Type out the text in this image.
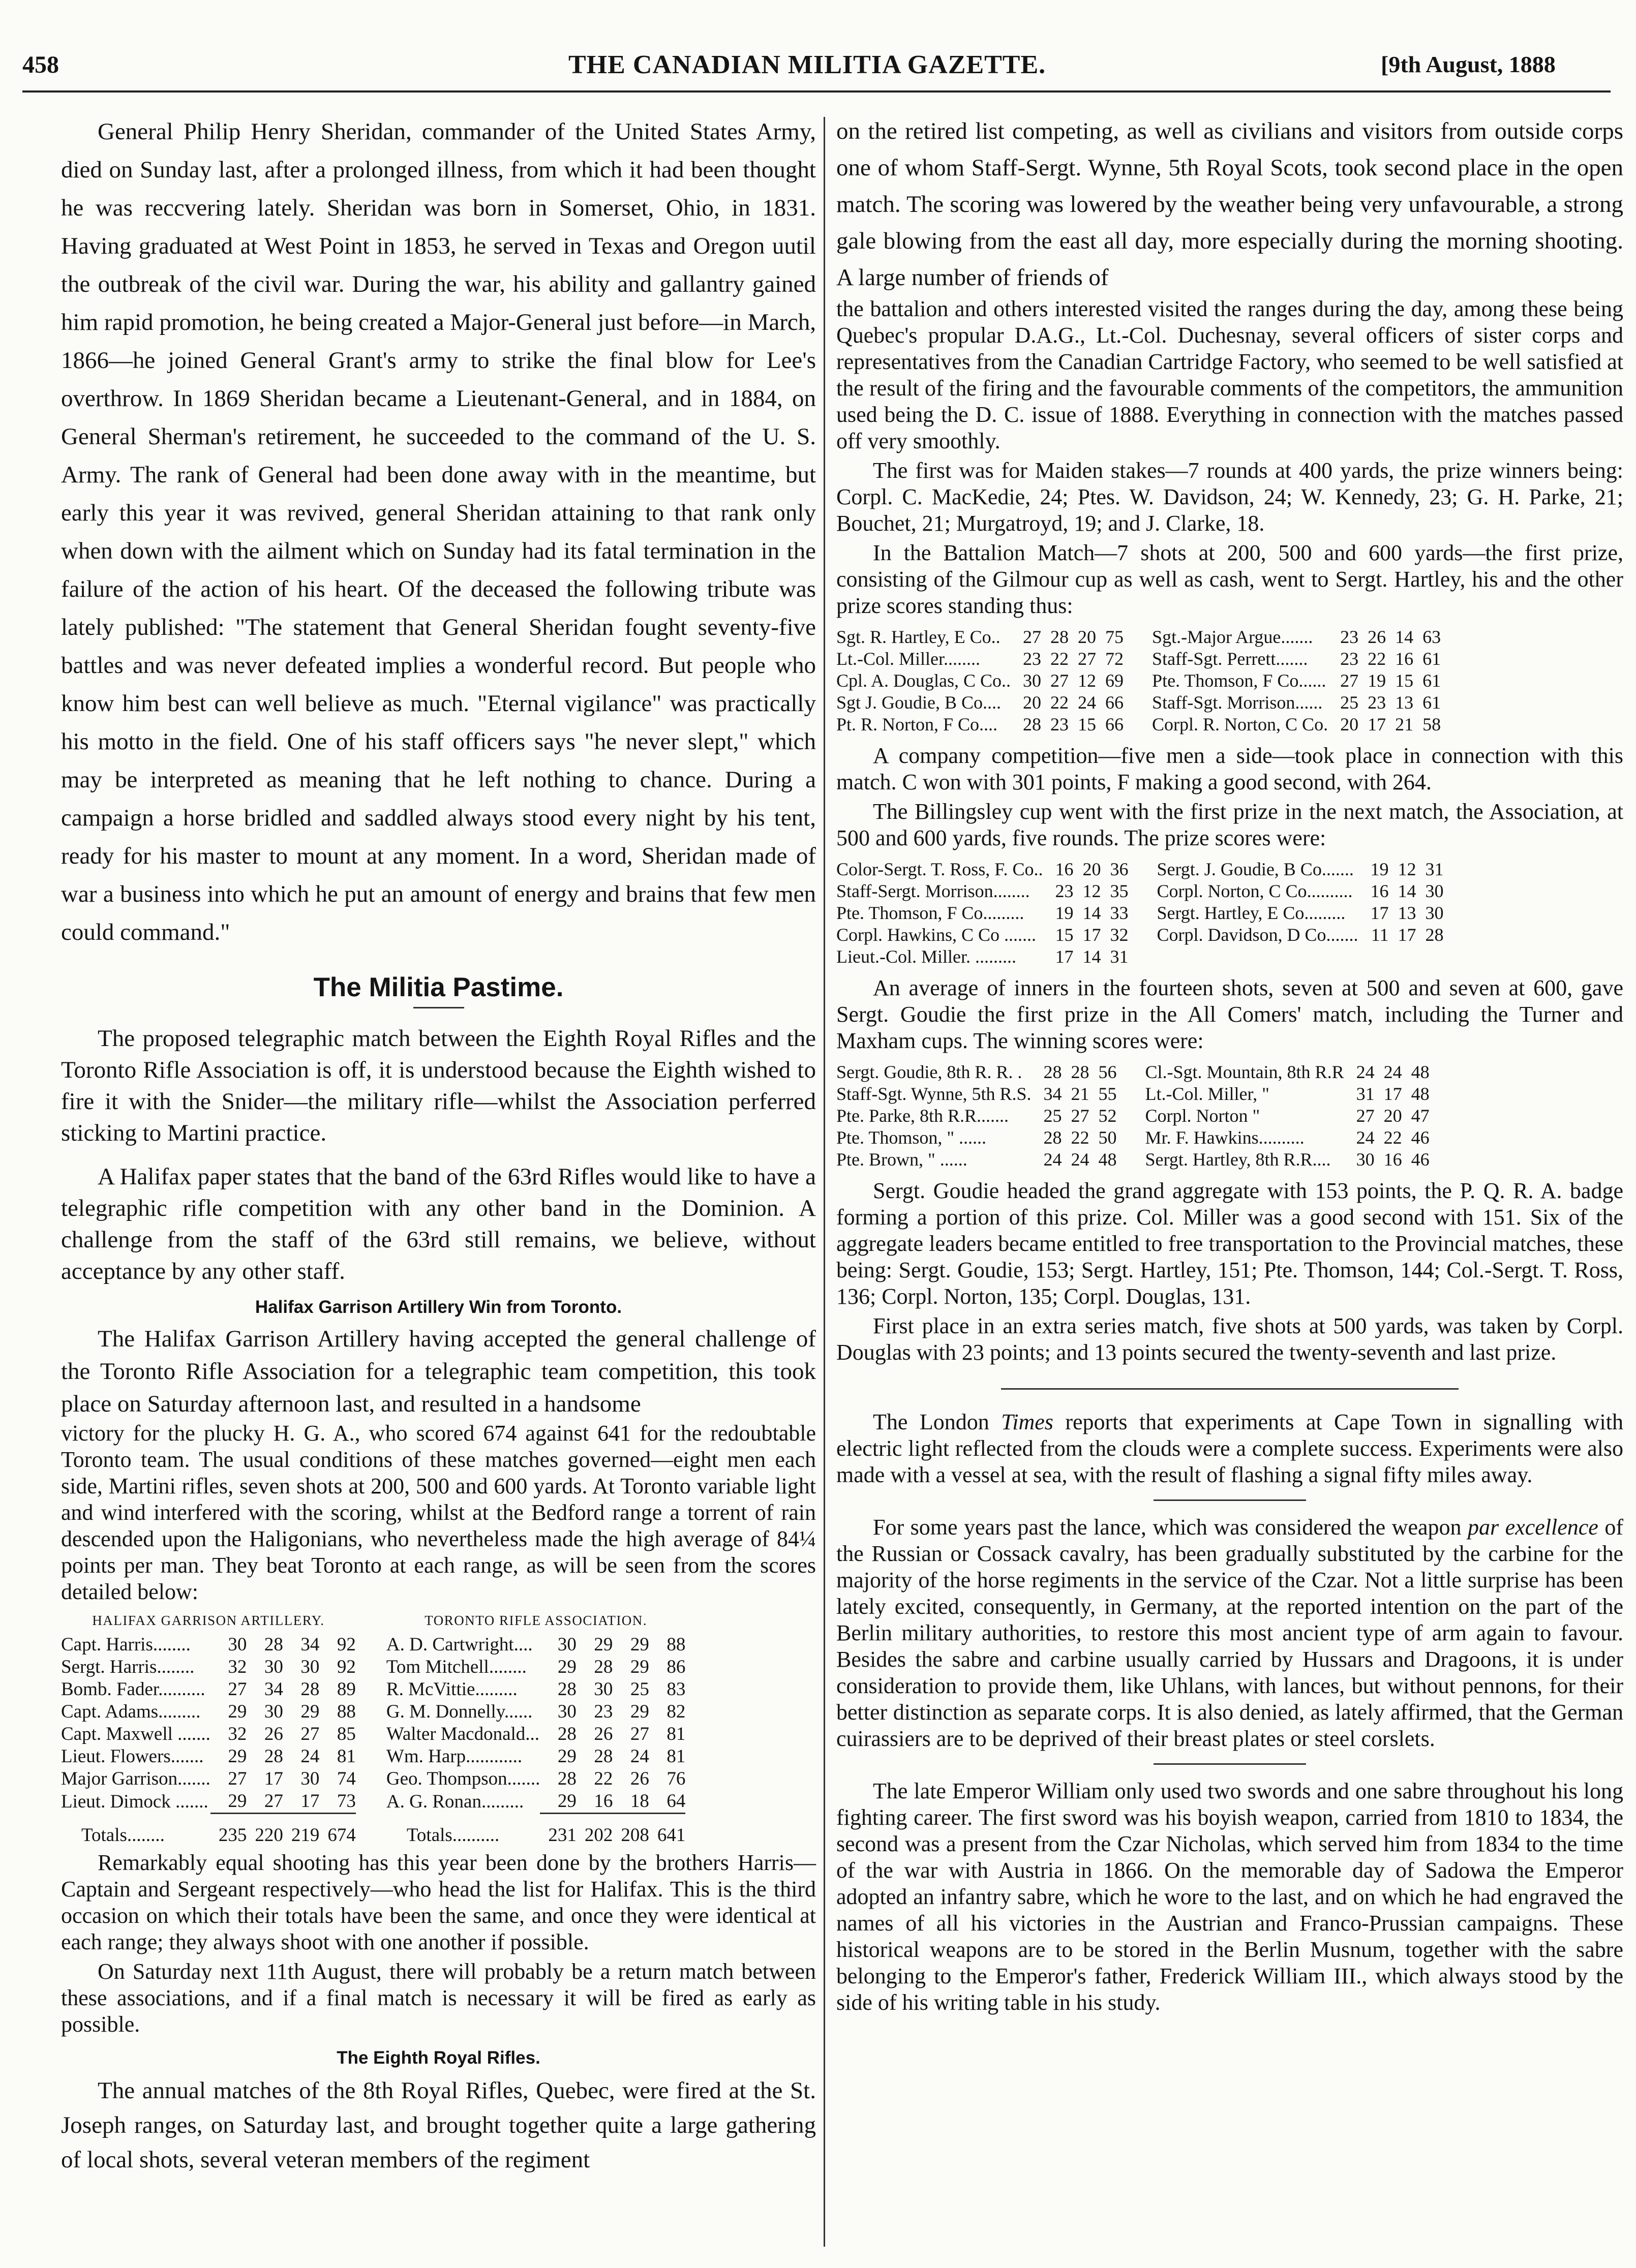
458	THE CANADIAN MILITIA GAZETTE.	[9th August, 1888

General Philip Henry Sheridan, commander of the United States Army, died on Sunday last, after a prolonged illness, from which it had been thought he was reccvering lately. Sheridan was born in Somerset, Ohio, in 1831. Having graduated at West Point in 1853, he served in Texas and Oregon uutil the outbreak of the civil war. During the war, his ability and gallantry gained him rapid promotion, he being created a Major-General just before—in March, 1866—he joined General Grant's army to strike the final blow for Lee's overthrow. In 1869 Sheridan became a Lieutenant-General, and in 1884, on General Sherman's retirement, he succeeded to the command of the U. S. Army. The rank of General had been done away with in the meantime, but early this year it was revived, general Sheridan attaining to that rank only when down with the ailment which on Sunday had its fatal termination in the failure of the action of his heart. Of the deceased the following tribute was lately published: "The statement that General Sheridan fought seventy-five battles and was never defeated implies a wonderful record. But people who know him best can well believe as much. "Eternal vigilance" was practically his motto in the field. One of his staff officers says "he never slept," which may be interpreted as meaning that he left nothing to chance. During a campaign a horse bridled and saddled always stood every night by his tent, ready for his master to mount at any moment. In a word, Sheridan made of war a business into which he put an amount of energy and brains that few men could command."

The Militia Pastime.

The proposed telegraphic match between the Eighth Royal Rifles and the Toronto Rifle Association is off, it is understood because the Eighth wished to fire it with the Snider—the military rifle—whilst the Association perferred sticking to Martini practice.

A Halifax paper states that the band of the 63rd Rifles would like to have a telegraphic rifle competition with any other band in the Dominion. A challenge from the staff of the 63rd still remains, we believe, without acceptance by any other staff.

Halifax Garrison Artillery Win from Toronto.

The Halifax Garrison Artillery having accepted the general challenge of the Toronto Rifle Association for a telegraphic team competition, this took place on Saturday afternoon last, and resulted in a handsome

victory for the plucky H. G. A., who scored 674 against 641 for the redoubtable Toronto team. The usual conditions of these matches governed—eight men each side, Martini rifles, seven shots at 200, 500 and 600 yards. At Toronto variable light and wind interfered with the scoring, whilst at the Bedford range a torrent of rain descended upon the Haligonians, who nevertheless made the high average of 84¼ points per man. They beat Toronto at each range, as will be seen from the scores detailed below:

HALIFAX GARRISON ARTILLERY.						TORONTO RIFLE ASSOCIATION.				
Capt. Harris........	30	28	34	92		A. D. Cartwright....	30	29	29	88
Sergt. Harris........	32	30	30	92		Tom Mitchell........	29	28	29	86
Bomb. Fader..........	27	34	28	89		R. McVittie.........	28	30	25	83
Capt. Adams.........	29	30	29	88		G. M. Donnelly......	30	23	29	82
Capt. Maxwell .......	32	26	27	85		Walter Macdonald...	28	26	27	81
Lieut. Flowers.......	29	28	24	81		Wm. Harp............	29	28	24	81
Major Garrison.......	27	17	30	74		Geo. Thompson.......	28	22	26	76
Lieut. Dimock .......	29	27	17	73		A. G. Ronan.........	29	16	18	64

Totals........	235	220	219	674		Totals..........	231	202	208	641

Remarkably equal shooting has this year been done by the brothers Harris—Captain and Sergeant respectively—who head the list for Halifax. This is the third occasion on which their totals have been the same, and once they were identical at each range; they always shoot with one another if possible.

On Saturday next 11th August, there will probably be a return match between these associations, and if a final match is necessary it will be fired as early as possible.

The Eighth Royal Rifles.

The annual matches of the 8th Royal Rifles, Quebec, were fired at the St. Joseph ranges, on Saturday last, and brought together quite a large gathering of local shots, several veteran members of the regiment

on the retired list competing, as well as civilians and visitors from outside corps one of whom Staff-Sergt. Wynne, 5th Royal Scots, took second place in the open match. The scoring was lowered by the weather being very unfavourable, a strong gale blowing from the east all day, more especially during the morning shooting. A large number of friends of

the battalion and others interested visited the ranges during the day, among these being Quebec's propular D.A.G., Lt.-Col. Duchesnay, several officers of sister corps and representatives from the Canadian Cartridge Factory, who seemed to be well satisfied at the result of the firing and the favourable comments of the competitors, the ammunition used being the D. C. issue of 1888. Everything in connection with the matches passed off very smoothly.

The first was for Maiden stakes—7 rounds at 400 yards, the prize winners being: Corpl. C. MacKedie, 24; Ptes. W. Davidson, 24; W. Kennedy, 23; G. H. Parke, 21; Bouchet, 21; Murgatroyd, 19; and J. Clarke, 18.

In the Battalion Match—7 shots at 200, 500 and 600 yards—the first prize, consisting of the Gilmour cup as well as cash, went to Sergt. Hartley, his and the other prize scores standing thus:

Sgt. R. Hartley, E Co..	27	28	20	75		Sgt.-Major Argue.......	23	26	14	63
Lt.-Col. Miller........	23	22	27	72		Staff-Sgt. Perrett.......	23	22	16	61
Cpl. A. Douglas, C Co..	30	27	12	69		Pte. Thomson, F Co......	27	19	15	61
Sgt J. Goudie, B Co....	20	22	24	66		Staff-Sgt. Morrison......	25	23	13	61
Pt. R. Norton, F Co....	28	23	15	66		Corpl. R. Norton, C Co.	20	17	21	58

A company competition—five men a side—took place in connection with this match. C won with 301 points, F making a good second, with 264.

The Billingsley cup went with the first prize in the next match, the Association, at 500 and 600 yards, five rounds. The prize scores were:

Color-Sergt. T. Ross, F. Co..	16	20	36		Sergt. J. Goudie, B Co.......	19	12	31
Staff-Sergt. Morrison........	23	12	35		Corpl. Norton, C Co..........	16	14	30
Pte. Thomson, F Co.........	19	14	33		Sergt. Hartley, E Co.........	17	13	30
Corpl. Hawkins, C Co .......	15	17	32		Corpl. Davidson, D Co.......	11	17	28
Lieut.-Col. Miller. .........	17	14	31					

An average of inners in the fourteen shots, seven at 500 and seven at 600, gave Sergt. Goudie the first prize in the All Comers' match, including the Turner and Maxham cups. The winning scores were:

Sergt. Goudie, 8th R. R. .	28	28	56		Cl.-Sgt. Mountain, 8th R.R	24	24	48
Staff-Sgt. Wynne, 5th R.S.	34	21	55		Lt.-Col. Miller, "	31	17	48
Pte. Parke, 8th R.R.......	25	27	52		Corpl. Norton "	27	20	47
Pte. Thomson, " ......	28	22	50		Mr. F. Hawkins..........	24	22	46
Pte. Brown, " ......	24	24	48		Sergt. Hartley, 8th R.R....	30	16	46

Sergt. Goudie headed the grand aggregate with 153 points, the P. Q. R. A. badge forming a portion of this prize. Col. Miller was a good second with 151. Six of the aggregate leaders became entitled to free transportation to the Provincial matches, these being: Sergt. Goudie, 153; Sergt. Hartley, 151; Pte. Thomson, 144; Col.-Sergt. T. Ross, 136; Corpl. Norton, 135; Corpl. Douglas, 131.

First place in an extra series match, five shots at 500 yards, was taken by Corpl. Douglas with 23 points; and 13 points secured the twenty-seventh and last prize.

The London Times reports that experiments at Cape Town in signalling with electric light reflected from the clouds were a complete success. Experiments were also made with a vessel at sea, with the result of flashing a signal fifty miles away.

For some years past the lance, which was considered the weapon par excellence of the Russian or Cossack cavalry, has been gradually substituted by the carbine for the majority of the horse regiments in the service of the Czar. Not a little surprise has been lately excited, consequently, in Germany, at the reported intention on the part of the Berlin military authorities, to restore this most ancient type of arm again to favour. Besides the sabre and carbine usually carried by Hussars and Dragoons, it is under consideration to provide them, like Uhlans, with lances, but without pennons, for their better distinction as separate corps. It is also denied, as lately affirmed, that the German cuirassiers are to be deprived of their breast plates or steel corslets.

The late Emperor William only used two swords and one sabre throughout his long fighting career. The first sword was his boyish weapon, carried from 1810 to 1834, the second was a present from the Czar Nicholas, which served him from 1834 to the time of the war with Austria in 1866. On the memorable day of Sadowa the Emperor adopted an infantry sabre, which he wore to the last, and on which he had engraved the names of all his victories in the Austrian and Franco-Prussian campaigns. These historical weapons are to be stored in the Berlin Musnum, together with the sabre belonging to the Emperor's father, Frederick William III., which always stood by the side of his writing table in his study.
